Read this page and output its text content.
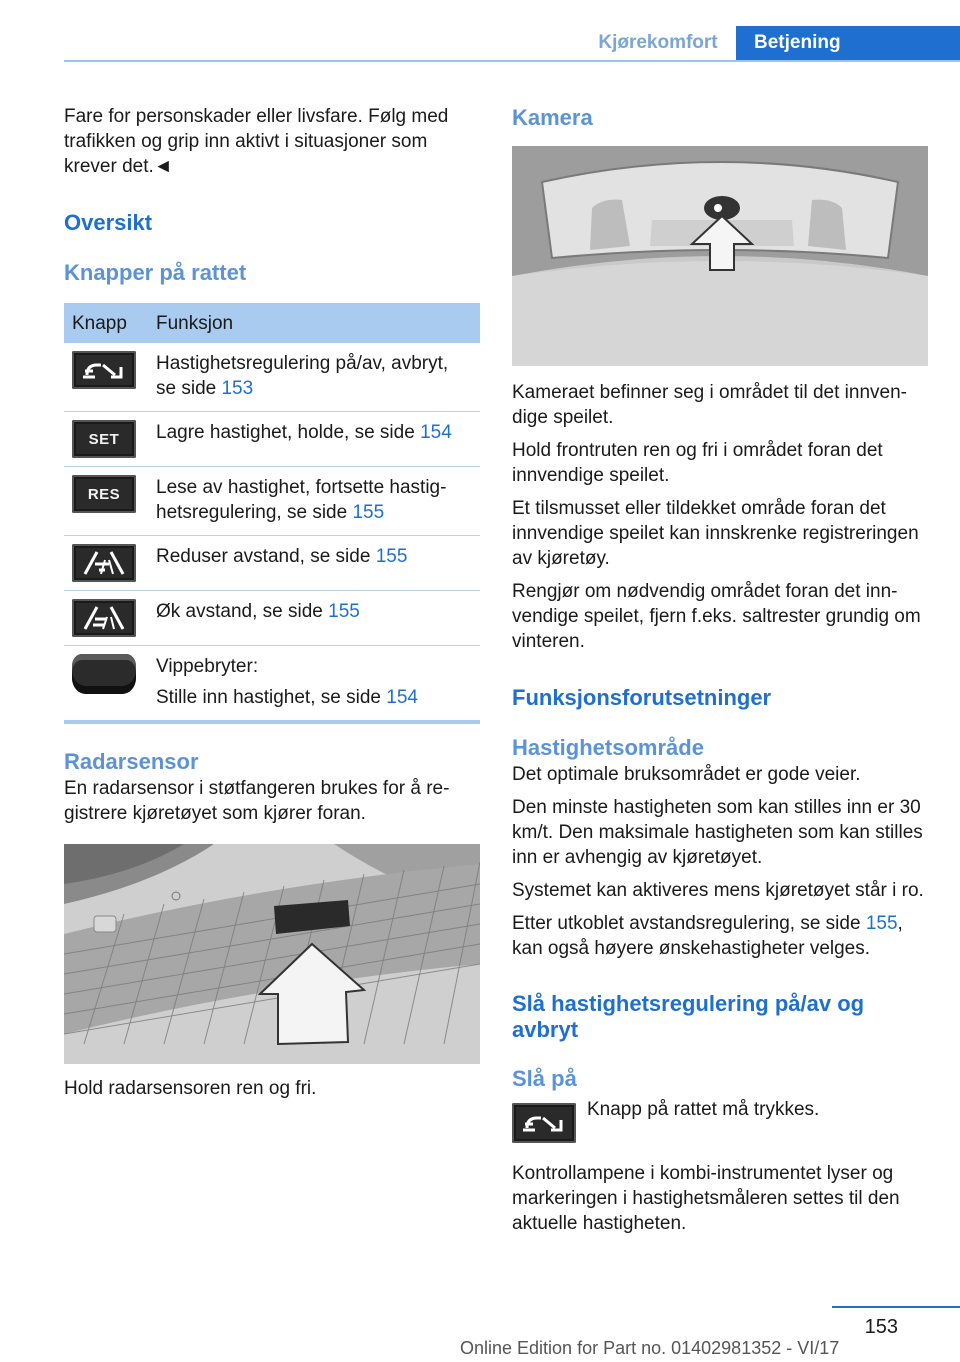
Kjørekomfort	Betjening

Fare for personskader eller livsfare. Følg med trafikken og grip inn aktivt i situasjoner som krever det.◄

Oversikt
Knapper på rattet
Knapp	Funksjon

	Hastighetsregulering på/av, avbryt, se side 153

SET	Lagre hastighet, holde, se side 154

RES	Lese av hastighet, fortsette hastighetsregulering, se side 155

	Reduser avstand, se side 155

	Øk avstand, se side 155

	Vippebryter:
Stille inn hastighet, se side 154
Radarsensor

En radarsensor i støtfangeren brukes for å registrere kjøretøyet som kjører foran.

Hold radarsensoren ren og fri.

Kamera

Kameraet befinner seg i området til det innvendige speilet.

Hold frontruten ren og fri i området foran det innvendige speilet.

Et tilsmusset eller tildekket område foran det innvendige speilet kan innskrenke registreringen av kjøretøy.

Rengjør om nødvendig området foran det innvendige speilet, fjern f.eks. saltrester grundig om vinteren.

Funksjonsforutsetninger
Hastighetsområde

Det optimale bruksområdet er gode veier.

Den minste hastigheten som kan stilles inn er 30 km/t. Den maksimale hastigheten som kan stilles inn er avhengig av kjøretøyet.

Systemet kan aktiveres mens kjøretøyet står i ro.

Etter utkoblet avstandsregulering, se side 155, kan også høyere ønskehastigheter velges.

Slå hastighetsregulering på/av og avbryt
Slå på

Knapp på rattet må trykkes.

Kontrollampene i kombi-instrumentet lyser og markeringen i hastighetsmåleren settes til den aktuelle hastigheten.

153
Online Edition for Part no. 01402981352 - VI/17
